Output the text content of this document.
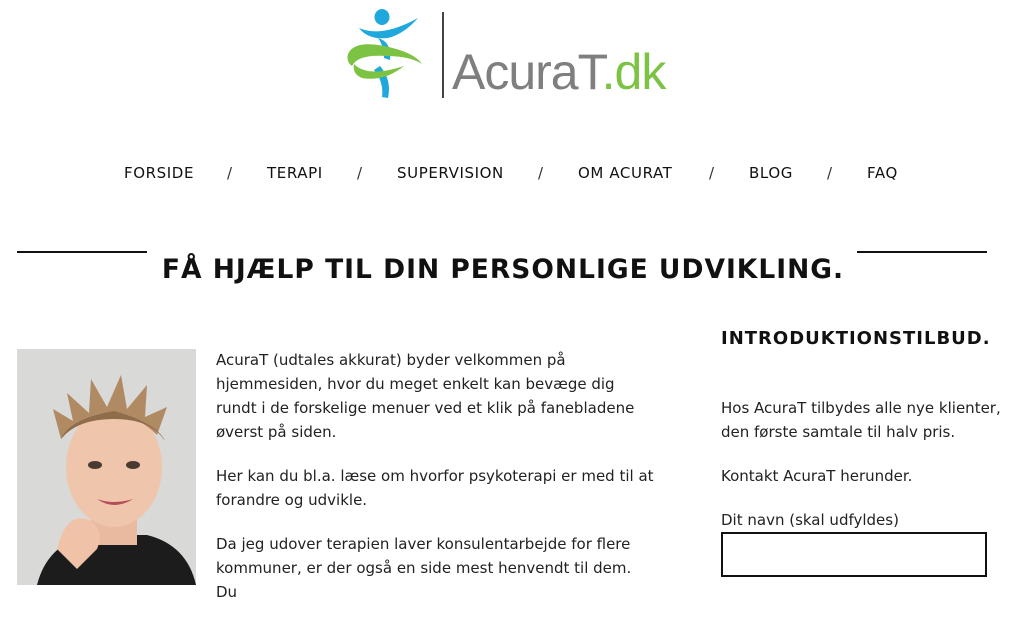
AcuraT.dk
FORSIDE / TERAPI / SUPERVISION / OM ACURAT / BLOG / FAQ
FÅ HJÆLP TIL DIN PERSONLIGE UDVIKLING.

AcuraT (udtales akkurat) byder velkommen på hjemmesiden, hvor du meget enkelt kan bevæge dig rundt i de forskelige menuer ved et klik på fanebladene øverst på siden.

Her kan du bl.a. læse om hvorfor psykoterapi er med til at forandre og udvikle.

Da jeg udover terapien laver konsulentarbejde for flere kommuner, er der også en side mest henvendt til dem. Du

INTRODUKTIONSTILBUD.
Hos AcuraT tilbydes alle nye klienter, den første samtale til halv pris.
Kontakt AcuraT herunder.
Dit navn (skal udfyldes)
